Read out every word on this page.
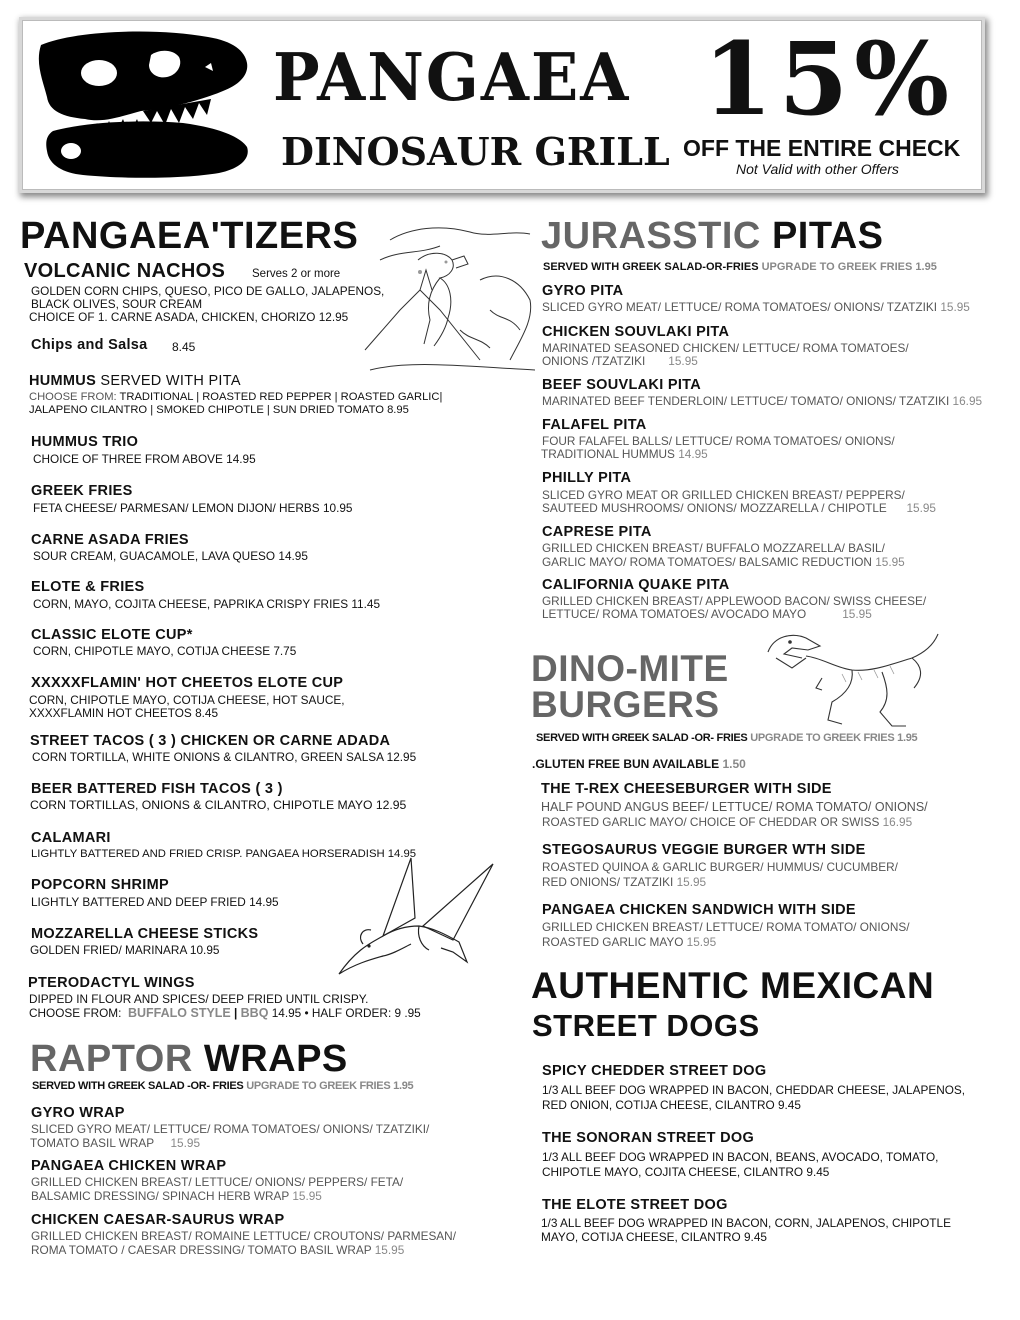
PANGAEA
DINOSAUR GRILL
15%
OFF THE ENTIRE CHECK
Not Valid with other Offers
PANGAEA'TIZERS
VOLCANIC NACHOS Serves 2 or more
GOLDEN CORN CHIPS, QUESO, PICO DE GALLO, JALAPENOS,
BLACK OLIVES, SOUR CREAM
CHOICE OF 1. CARNE ASADA, CHICKEN, CHORIZO 12.95
Chips and Salsa 8.45
HUMMUS SERVED WITH PITA
CHOOSE FROM: TRADITIONAL | ROASTED RED PEPPER | ROASTED GARLIC|
JALAPENO CILANTRO | SMOKED CHIPOTLE | SUN DRIED TOMATO 8.95
HUMMUS TRIO
CHOICE OF THREE FROM ABOVE 14.95
GREEK FRIES
FETA CHEESE/ PARMESAN/ LEMON DIJON/ HERBS 10.95
CARNE ASADA FRIES
SOUR CREAM, GUACAMOLE, LAVA QUESO 14.95
ELOTE & FRIES
CORN, MAYO, COJITA CHEESE, PAPRIKA CRISPY FRIES 11.45
CLASSIC ELOTE CUP*
CORN, CHIPOTLE MAYO, COTIJA CHEESE 7.75
XXXXXFLAMIN' HOT CHEETOS ELOTE CUP
CORN, CHIPOTLE MAYO, COTIJA CHEESE, HOT SAUCE,
XXXXFLAMIN HOT CHEETOS 8.45
STREET TACOS ( 3 ) CHICKEN OR CARNE ADADA
CORN TORTILLA, WHITE ONIONS & CILANTRO, GREEN SALSA 12.95
BEER BATTERED FISH TACOS ( 3 )
CORN TORTILLAS, ONIONS & CILANTRO, CHIPOTLE MAYO 12.95
CALAMARI
LIGHTLY BATTERED AND FRIED CRISP. PANGAEA HORSERADISH 14.95
POPCORN SHRIMP
LIGHTLY BATTERED AND DEEP FRIED 14.95
MOZZARELLA CHEESE STICKS
GOLDEN FRIED/ MARINARA 10.95
PTERODACTYL WINGS
DIPPED IN FLOUR AND SPICES/ DEEP FRIED UNTIL CRISPY.
CHOOSE FROM: BUFFALO STYLE | BBQ 14.95 • HALF ORDER: 9 .95
RAPTOR WRAPS
SERVED WITH GREEK SALAD -OR- FRIES UPGRADE TO GREEK FRIES 1.95
GYRO WRAP
SLICED GYRO MEAT/ LETTUCE/ ROMA TOMATOES/ ONIONS/ TZATZIKI/
TOMATO BASIL WRAP 15.95
PANGAEA CHICKEN WRAP
GRILLED CHICKEN BREAST/ LETTUCE/ ONIONS/ PEPPERS/ FETA/
BALSAMIC DRESSING/ SPINACH HERB WRAP 15.95
CHICKEN CAESAR-SAURUS WRAP
GRILLED CHICKEN BREAST/ ROMAINE LETTUCE/ CROUTONS/ PARMESAN/
ROMA TOMATO / CAESAR DRESSING/ TOMATO BASIL WRAP 15.95
JURASSTIC PITAS
SERVED WITH GREEK SALAD-OR-FRIES UPGRADE TO GREEK FRIES 1.95
GYRO PITA
SLICED GYRO MEAT/ LETTUCE/ ROMA TOMATOES/ ONIONS/ TZATZIKI 15.95
CHICKEN SOUVLAKI PITA
MARINATED SEASONED CHICKEN/ LETTUCE/ ROMA TOMATOES/
ONIONS /TZATZIKI 15.95
BEEF SOUVLAKI PITA
MARINATED BEEF TENDERLOIN/ LETTUCE/ TOMATO/ ONIONS/ TZATZIKI 16.95
FALAFEL PITA
FOUR FALAFEL BALLS/ LETTUCE/ ROMA TOMATOES/ ONIONS/
TRADITIONAL HUMMUS 14.95
PHILLY PITA
SLICED GYRO MEAT OR GRILLED CHICKEN BREAST/ PEPPERS/
SAUTEED MUSHROOMS/ ONIONS/ MOZZARELLA / CHIPOTLE 15.95
CAPRESE PITA
GRILLED CHICKEN BREAST/ BUFFALO MOZZARELLA/ BASIL/
GARLIC MAYO/ ROMA TOMATOES/ BALSAMIC REDUCTION 15.95
CALIFORNIA QUAKE PITA
GRILLED CHICKEN BREAST/ APPLEWOOD BACON/ SWISS CHEESE/
LETTUCE/ ROMA TOMATOES/ AVOCADO MAYO	15.95
DINO-MITE
BURGERS
SERVED WITH GREEK SALAD -OR- FRIES UPGRADE TO GREEK FRIES 1.95
.GLUTEN FREE BUN AVAILABLE 1.50
THE T-REX CHEESEBURGER WITH SIDE
HALF POUND ANGUS BEEF/ LETTUCE/ ROMA TOMATO/ ONIONS/
ROASTED GARLIC MAYO/ CHOICE OF CHEDDAR OR SWISS 16.95
STEGOSAURUS VEGGIE BURGER WTH SIDE
ROASTED QUINOA & GARLIC BURGER/ HUMMUS/ CUCUMBER/
RED ONIONS/ TZATZIKI 15.95
PANGAEA CHICKEN SANDWICH WITH SIDE
GRILLED CHICKEN BREAST/ LETTUCE/ ROMA TOMATO/ ONIONS/
ROASTED GARLIC MAYO 15.95
AUTHENTIC MEXICAN
STREET DOGS
SPICY CHEDDER STREET DOG
1/3 ALL BEEF DOG WRAPPED IN BACON, CHEDDAR CHEESE, JALAPENOS,
RED ONION, COTIJA CHEESE, CILANTRO 9.45
THE SONORAN STREET DOG
1/3 ALL BEEF DOG WRAPPED IN BACON, BEANS, AVOCADO, TOMATO,
CHIPOTLE MAYO, COJITA CHEESE, CILANTRO 9.45
THE ELOTE STREET DOG
1/3 ALL BEEF DOG WRAPPED IN BACON, CORN, JALAPENOS, CHIPOTLE
MAYO, COTIJA CHEESE, CILANTRO 9.45
